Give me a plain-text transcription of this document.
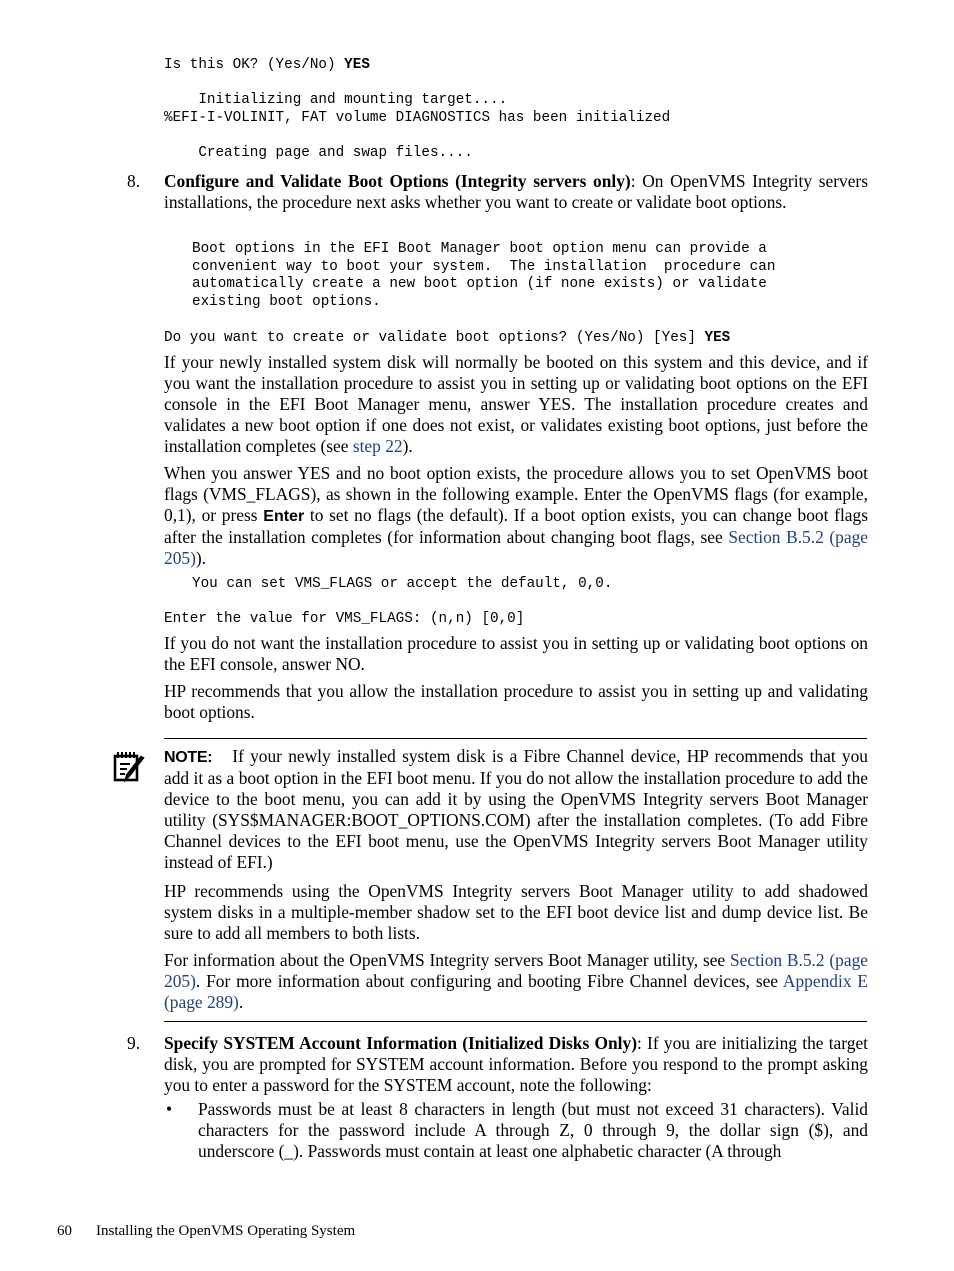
Is this OK? (Yes/No) YES
Initializing and mounting target....
%EFI-I-VOLINIT, FAT volume DIAGNOSTICS has been initialized
Creating page and swap files....
8. Configure and Validate Boot Options (Integrity servers only): On OpenVMS Integrity servers installations, the procedure next asks whether you want to create or validate boot options.

Boot options in the EFI Boot Manager boot option menu can provide a
convenient way to boot your system.  The installation  procedure can
automatically create a new boot option (if none exists) or validate
existing boot options.
Do you want to create or validate boot options? (Yes/No) [Yes] YES

If your newly installed system disk will normally be booted on this system and this device, and if you want the installation procedure to assist you in setting up or validating boot options on the EFI console in the EFI Boot Manager menu, answer YES. The installation procedure creates and validates a new boot option if one does not exist, or validates existing boot options, just before the installation completes (see step 22).

When you answer YES and no boot option exists, the procedure allows you to set OpenVMS boot flags (VMS_FLAGS), as shown in the following example. Enter the OpenVMS flags (for example, 0,1), or press Enter to set no flags (the default). If a boot option exists, you can change boot flags after the installation completes (for information about changing boot flags, see Section B.5.2 (page 205)).

You can set VMS_FLAGS or accept the default, 0,0.
Enter the value for VMS_FLAGS: (n,n) [0,0]

If you do not want the installation procedure to assist you in setting up or validating boot options on the EFI console, answer NO.

HP recommends that you allow the installation procedure to assist you in setting up and validating boot options.

NOTE: If your newly installed system disk is a Fibre Channel device, HP recommends that you add it as a boot option in the EFI boot menu. If you do not allow the installation procedure to add the device to the boot menu, you can add it by using the OpenVMS Integrity servers Boot Manager utility (SYS$MANAGER:BOOT_OPTIONS.COM) after the installation completes. (To add Fibre Channel devices to the EFI boot menu, use the OpenVMS Integrity servers Boot Manager utility instead of EFI.)

HP recommends using the OpenVMS Integrity servers Boot Manager utility to add shadowed system disks in a multiple-member shadow set to the EFI boot device list and dump device list. Be sure to add all members to both lists.

For information about the OpenVMS Integrity servers Boot Manager utility, see Section B.5.2 (page 205). For more information about configuring and booting Fibre Channel devices, see Appendix E (page 289).

9. Specify SYSTEM Account Information (Initialized Disks Only): If you are initializing the target disk, you are prompted for SYSTEM account information. Before you respond to the prompt asking you to enter a password for the SYSTEM account, note the following:

• Passwords must be at least 8 characters in length (but must not exceed 31 characters). Valid characters for the password include A through Z, 0 through 9, the dollar sign ($), and underscore (_). Passwords must contain at least one alphabetic character (A through

60 Installing the OpenVMS Operating System
